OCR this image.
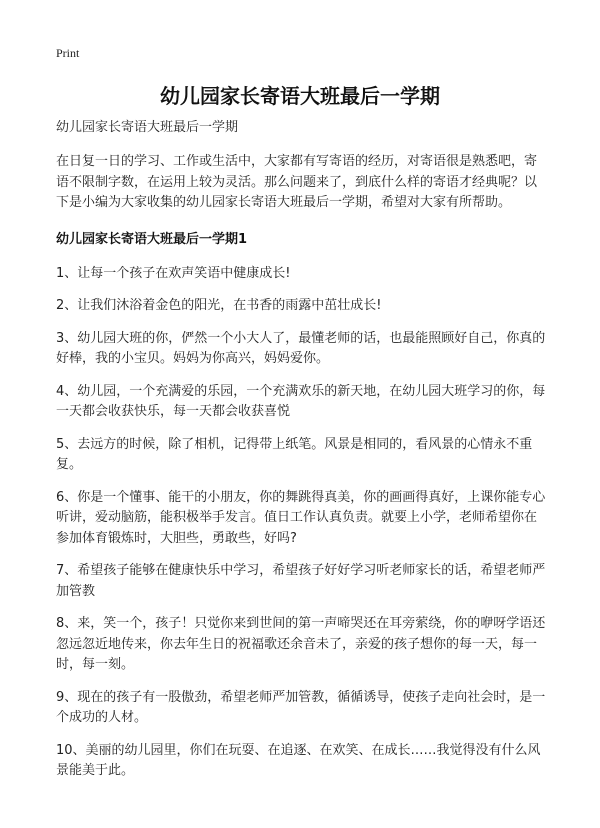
Print
幼儿园家长寄语大班最后一学期

幼儿园家长寄语大班最后一学期

在日复一日的学习、工作或生活中，大家都有写寄语的经历，对寄语很是熟悉吧，寄语不限制字数，在运用上较为灵活。那么问题来了，到底什么样的寄语才经典呢？以下是小编为大家收集的幼儿园家长寄语大班最后一学期，希望对大家有所帮助。

幼儿园家长寄语大班最后一学期1

1、让每一个孩子在欢声笑语中健康成长!

2、让我们沐浴着金色的阳光，在书香的雨露中茁壮成长!

3、幼儿园大班的你，俨然一个小大人了，最懂老师的话，也最能照顾好自己，你真的好棒，我的小宝贝。妈妈为你高兴，妈妈爱你。

4、幼儿园，一个充满爱的乐园，一个充满欢乐的新天地，在幼儿园大班学习的你，每一天都会收获快乐，每一天都会收获喜悦

5、去远方的时候，除了相机，记得带上纸笔。风景是相同的，看风景的心情永不重复。

6、你是一个懂事、能干的小朋友，你的舞跳得真美，你的画画得真好，上课你能专心听讲，爱动脑筋，能积极举手发言。值日工作认真负责。就要上小学，老师希望你在参加体育锻炼时，大胆些，勇敢些，好吗?

7、希望孩子能够在健康快乐中学习，希望孩子好好学习听老师家长的话，希望老师严加管教

8、来，笑一个，孩子！只觉你来到世间的第一声啼哭还在耳旁萦绕，你的咿呀学语还忽远忽近地传来，你去年生日的祝福歌还余音未了，亲爱的孩子想你的每一天，每一时，每一刻。

9、现在的孩子有一股傲劲，希望老师严加管教，循循诱导，使孩子走向社会时，是一个成功的人材。

10、美丽的幼儿园里，你们在玩耍、在追逐、在欢笑、在成长……我觉得没有什么风景能美于此。
